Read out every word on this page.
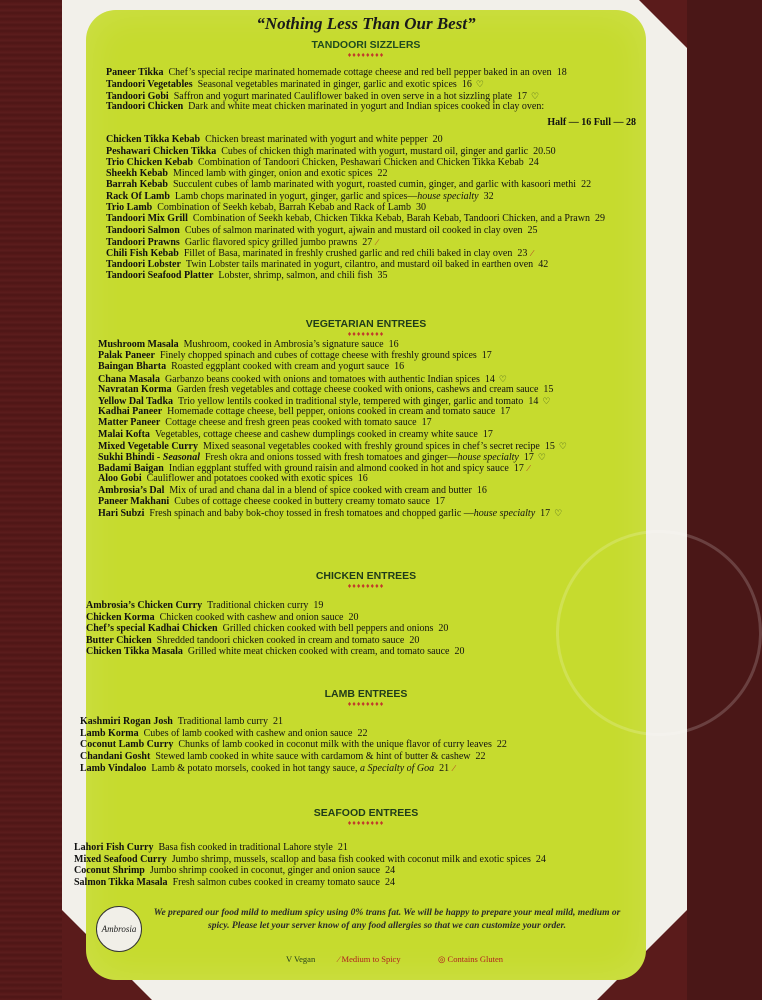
“Nothing Less Than Our Best”
TANDOORI SIZZLERS
♦♦♦♦♦♦♦♦
Paneer Tikka Chef’s special recipe marinated homemade cottage cheese and red bell pepper baked in an oven 18
Tandoori Vegetables Seasonal vegetables marinated in ginger, garlic and exotic spices 16 ♡
Tandoori Gobi Saffron and yogurt marinated Cauliflower baked in oven serve in a hot sizzling plate 17 ♡
Tandoori Chicken Dark and white meat chicken marinated in yogurt and Indian spices cooked in clay oven:
Chicken Tikka Kebab Chicken breast marinated with yogurt and white pepper 20
Peshawari Chicken Tikka Cubes of chicken thigh marinated with yogurt, mustard oil, ginger and garlic 20.50
Trio Chicken Kebab Combination of Tandoori Chicken, Peshawari Chicken and Chicken Tikka Kebab 24
Sheekh Kebab Minced lamb with ginger, onion and exotic spices 22
Barrah Kebab Succulent cubes of lamb marinated with yogurt, roasted cumin, ginger, and garlic with kasoori methi 22
Rack Of Lamb Lamb chops marinated in yogurt, ginger, garlic and spices—house specialty 32
Trio Lamb Combination of Seekh kebab, Barrah Kebab and Rack of Lamb 30
Tandoori Mix Grill Combination of Seekh kebab, Chicken Tikka Kebab, Barah Kebab, Tandoori Chicken, and a Prawn 29
Tandoori Salmon Cubes of salmon marinated with yogurt, ajwain and mustard oil cooked in clay oven 25
Tandoori Prawns Garlic flavored spicy grilled jumbo prawns 27 ∕
Chili Fish Kebab Fillet of Basa, marinated in freshly crushed garlic and red chili baked in clay oven 23 ∕
Tandoori Lobster Twin Lobster tails marinated in yogurt, cilantro, and mustard oil baked in earthen oven 42
Tandoori Seafood Platter Lobster, shrimp, salmon, and chili fish 35
Half — 16 Full — 28
VEGETARIAN ENTREES
♦♦♦♦♦♦♦♦
Mushroom Masala Mushroom, cooked in Ambrosia’s signature sauce 16
Palak Paneer Finely chopped spinach and cubes of cottage cheese with freshly ground spices 17
Baingan Bharta Roasted eggplant cooked with cream and yogurt sauce 16
Chana Masala Garbanzo beans cooked with onions and tomatoes with authentic Indian spices 14 ♡
Navratan Korma Garden fresh vegetables and cottage cheese cooked with onions, cashews and cream sauce 15
Yellow Dal Tadka Trio yellow lentils cooked in traditional style, tempered with ginger, garlic and tomato 14 ♡
Kadhai Paneer Homemade cottage cheese, bell pepper, onions cooked in cream and tomato sauce 17
Matter Paneer Cottage cheese and fresh green peas cooked with tomato sauce 17
Malai Kofta Vegetables, cottage cheese and cashew dumplings cooked in creamy white sauce 17
Mixed Vegetable Curry Mixed seasonal vegetables cooked with freshly ground spices in chef’s secret recipe 15 ♡
Sukhi Bhindi - Seasonal Fresh okra and onions tossed with fresh tomatoes and ginger—house specialty 17 ♡
Badami Baigan Indian eggplant stuffed with ground raisin and almond cooked in hot and spicy sauce 17 ∕
Aloo Gobi Cauliflower and potatoes cooked with exotic spices 16
Ambrosia’s Dal Mix of urad and chana dal in a blend of spice cooked with cream and butter 16
Paneer Makhani Cubes of cottage cheese cooked in buttery creamy tomato sauce 17
Hari Subzi Fresh spinach and baby bok-choy tossed in fresh tomatoes and chopped garlic —house specialty 17 ♡
CHICKEN ENTREES
♦♦♦♦♦♦♦♦
Ambrosia’s Chicken Curry Traditional chicken curry 19
Chicken Korma Chicken cooked with cashew and onion sauce 20
Chef’s special Kadhai Chicken Grilled chicken cooked with bell peppers and onions 20
Butter Chicken Shredded tandoori chicken cooked in cream and tomato sauce 20
Chicken Tikka Masala Grilled white meat chicken cooked with cream, and tomato sauce 20
LAMB ENTREES
♦♦♦♦♦♦♦♦
Kashmiri Rogan Josh Traditional lamb curry 21
Lamb Korma Cubes of lamb cooked with cashew and onion sauce 22
Coconut Lamb Curry Chunks of lamb cooked in coconut milk with the unique flavor of curry leaves 22
Chandani Gosht Stewed lamb cooked in white sauce with cardamom & hint of butter & cashew 22
Lamb Vindaloo Lamb & potato morsels, cooked in hot tangy sauce, a Specialty of Goa 21 ∕
SEAFOOD ENTREES
♦♦♦♦♦♦♦♦
Lahori Fish Curry Basa fish cooked in traditional Lahore style 21
Mixed Seafood Curry Jumbo shrimp, mussels, scallop and basa fish cooked with coconut milk and exotic spices 24
Coconut Shrimp Jumbo shrimp cooked in coconut, ginger and onion sauce 24
Salmon Tikka Masala Fresh salmon cubes cooked in creamy tomato sauce 24
Ambrosia
We prepared our food mild to medium spicy using 0% trans fat. We will be happy to prepare your meal mild, medium or spicy. Please let your server know of any food allergies so that we can customize your order.
V Vegan	∕ Medium to Spicy	◎ Contains Gluten
